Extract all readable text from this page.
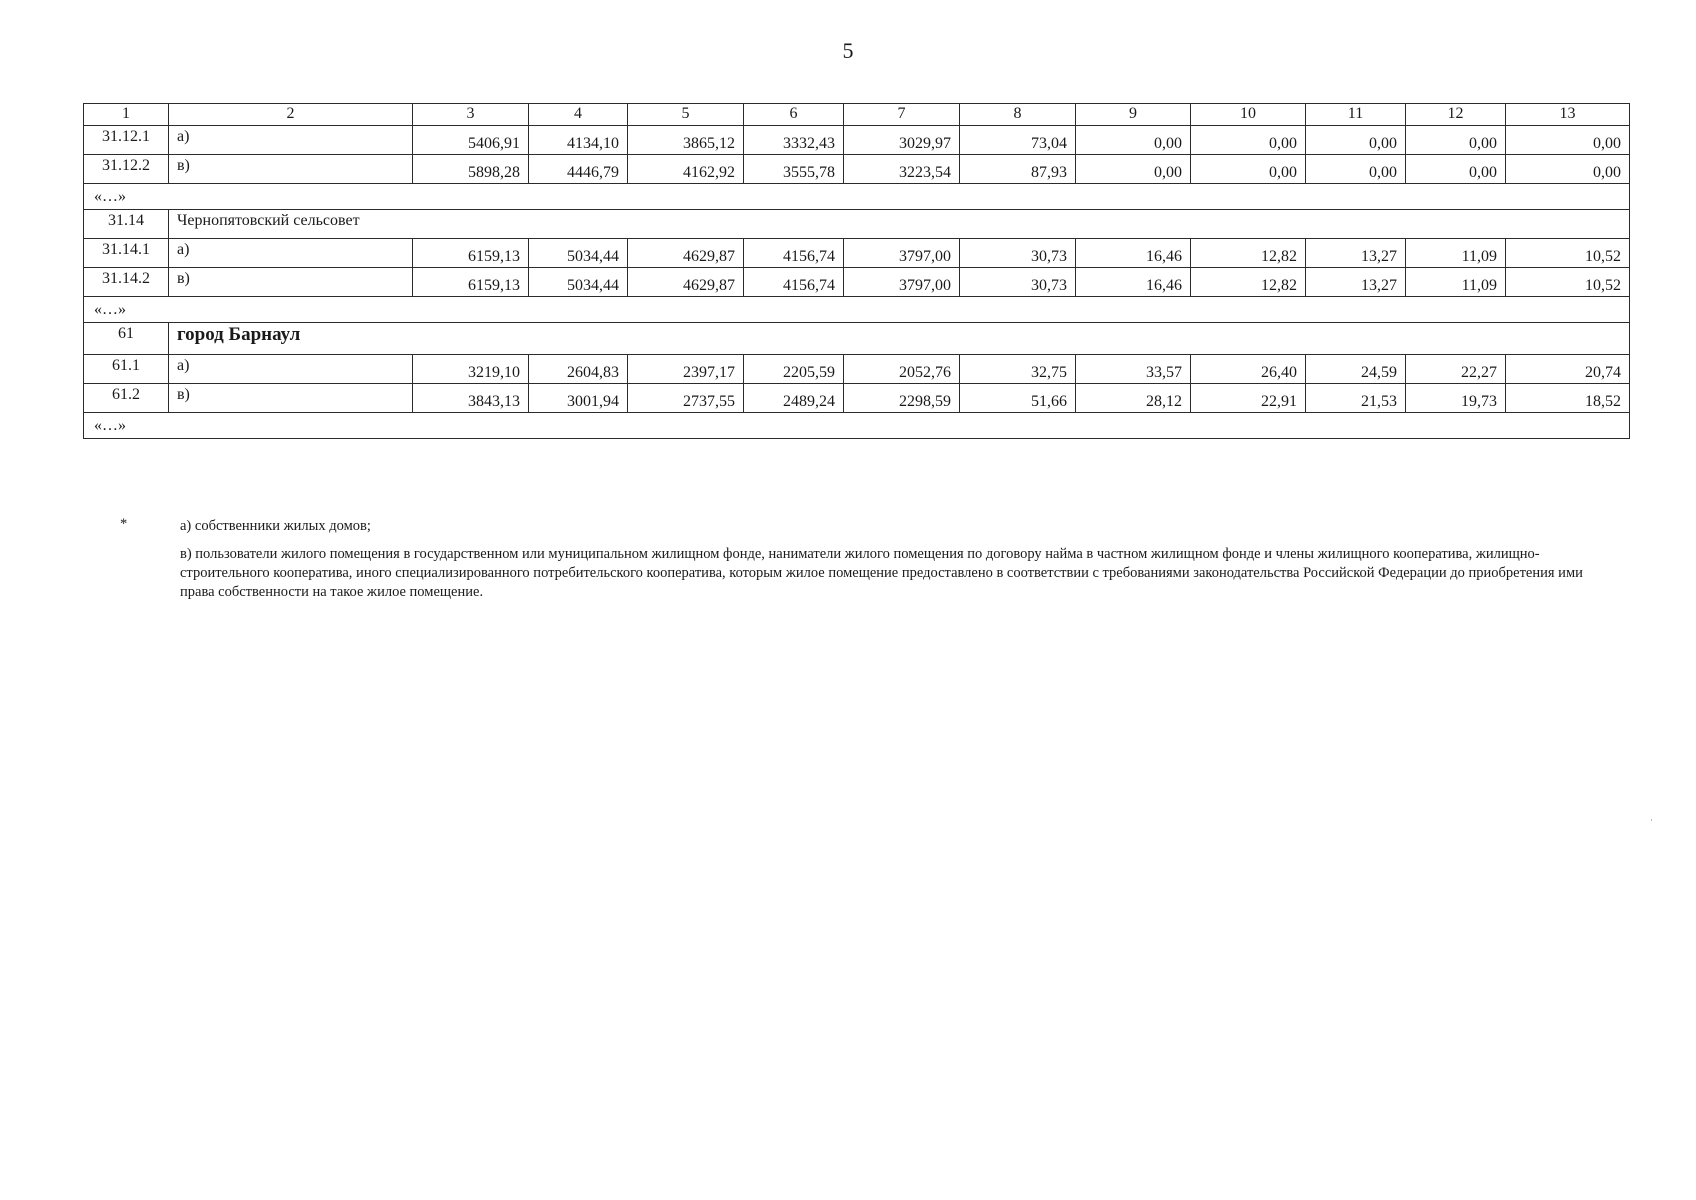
5
1	2	3	4	5	6	7	8	9	10	11	12	13
31.12.1	а)	5406,91	4134,10	3865,12	3332,43	3029,97	73,04	0,00	0,00	0,00	0,00	0,00
31.12.2	в)	5898,28	4446,79	4162,92	3555,78	3223,54	87,93	0,00	0,00	0,00	0,00	0,00
«…»												
31.14	Чернопятовский сельсовет											
31.14.1	а)	6159,13	5034,44	4629,87	4156,74	3797,00	30,73	16,46	12,82	13,27	11,09	10,52
31.14.2	в)	6159,13	5034,44	4629,87	4156,74	3797,00	30,73	16,46	12,82	13,27	11,09	10,52
«…»												
61	город Барнаул											
61.1	а)	3219,10	2604,83	2397,17	2205,59	2052,76	32,75	33,57	26,40	24,59	22,27	20,74
61.2	в)	3843,13	3001,94	2737,55	2489,24	2298,59	51,66	28,12	22,91	21,53	19,73	18,52
«…»												
*	а) собственники жилых домов;
в) пользователи жилого помещения в государственном или муниципальном жилищном фонде, наниматели жилого помещения по договору найма в частном жилищном фонде и члены жилищного кооператива, жилищно-строительного кооператива, иного специализированного потребительского кооператива, которым жилое помещение предоставлено в соответствии с требованиями законодательства Российской Федерации до приобретения ими права собственности на такое жилое помещение.
